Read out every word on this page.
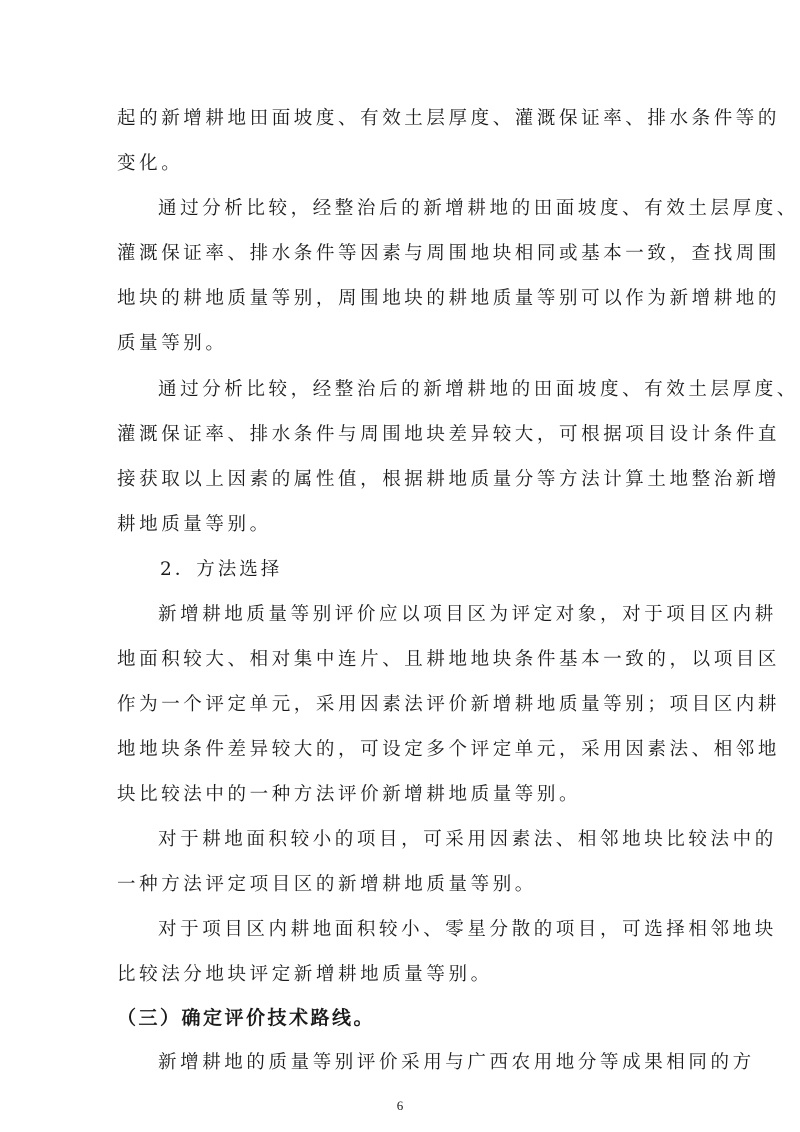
起的新增耕地田面坡度、有效土层厚度、灌溉保证率、排水条件等的
变化。
通过分析比较，经整治后的新增耕地的田面坡度、有效土层厚度、
灌溉保证率、排水条件等因素与周围地块相同或基本一致，查找周围
地块的耕地质量等别，周围地块的耕地质量等别可以作为新增耕地的
质量等别。
通过分析比较，经整治后的新增耕地的田面坡度、有效土层厚度、
灌溉保证率、排水条件与周围地块差异较大，可根据项目设计条件直
接获取以上因素的属性值，根据耕地质量分等方法计算土地整治新增
耕地质量等别。
2．方法选择
新增耕地质量等别评价应以项目区为评定对象，对于项目区内耕
地面积较大、相对集中连片、且耕地地块条件基本一致的，以项目区
作为一个评定单元，采用因素法评价新增耕地质量等别；项目区内耕
地地块条件差异较大的，可设定多个评定单元，采用因素法、相邻地
块比较法中的一种方法评价新增耕地质量等别。
对于耕地面积较小的项目，可采用因素法、相邻地块比较法中的
一种方法评定项目区的新增耕地质量等别。
对于项目区内耕地面积较小、零星分散的项目，可选择相邻地块
比较法分地块评定新增耕地质量等别。
（三）确定评价技术路线。
新增耕地的质量等别评价采用与广西农用地分等成果相同的方
6
